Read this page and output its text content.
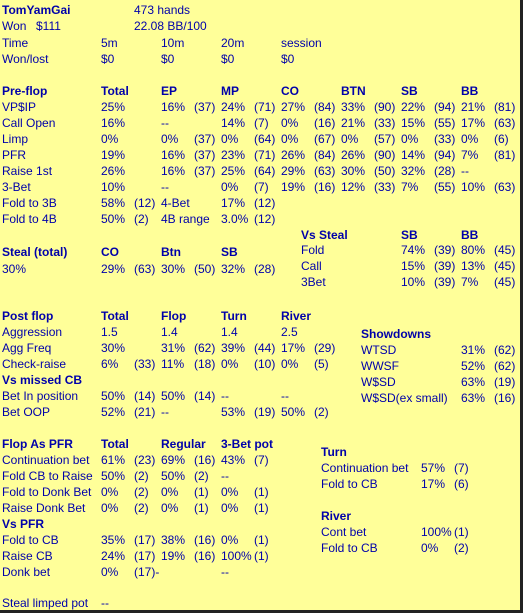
TomYamGai	473 hands
Won $111	22.08 BB/100
Time	5m	10m	20m	session
Won/lost	$0	$0	$0	$0
Pre-flop	Total	EP	MP	CO	BTN	SB	BB
VP$IP	25%	16% (37) 24% (71) 27% (84) 33% (90) 22% (94) 21% (81)
Call Open	16%	--	14% (7) 0% (16) 21% (33) 15% (55) 17% (63)
Limp	0%	0% (37) 0% (64) 0% (67) 0% (57) 0% (33) 0% (6)
PFR	19%	16% (37) 23% (71) 26% (84) 26% (90) 14% (94) 7% (81)
Raise 1st	26%	16% (37) 25% (64) 29% (63) 30% (50) 32% (28) --
3-Bet	10%	--	0% (7) 19% (16) 12% (33) 7% (55) 10% (63)
Fold to 3B	58% (12) 4-Bet	17% (12)
Fold to 4B	50% (2) 4B range 3.0% (12)
Steal (total)	CO	Btn	SB
30%	29% (63) 30% (50) 32% (28)
Vs Steal	SB	BB
Fold	74% (39) 80% (45)
Call	15% (39) 13% (45)
3Bet	10% (39) 7% (45)
Post flop	Total	Flop	Turn	River
Aggression	1.5	1.4	1.4	2.5
Agg Freq	30%	31% (62) 39% (44) 17% (29)
Check-raise	6% (33) 11% (18) 0% (10) 0% (5)
Vs missed CB
Bet In position 50% (14) 50% (14) --	--
Bet OOP	52% (21) --	53% (19) 50% (2)
Showdowns
WTSD	31% (62)
WWSF	52% (62)
W$SD	63% (19)
W$SD(ex small) 63% (16)
Flop As PFR Total	Regular 3-Bet pot
Continuation bet 61% (23) 69% (16) 43% (7)
Fold CB to Raise 50% (2) 50% (2) --
Fold to Donk Bet 0% (2) 0% (1) 0% (1)
Raise Donk Bet 0% (2) 0% (1) 0% (1)
Vs PFR
Fold to CB	35% (17) 38% (16) 0% (1)
Raise CB	24% (17) 19% (16) 100% (1)
Donk bet	0% (17)-	--
Turn
Continuation bet 57% (7)
Fold to CB	17% (6)
River
Cont bet	100% (1)
Fold to CB	0% (2)
Steal limped pot --
